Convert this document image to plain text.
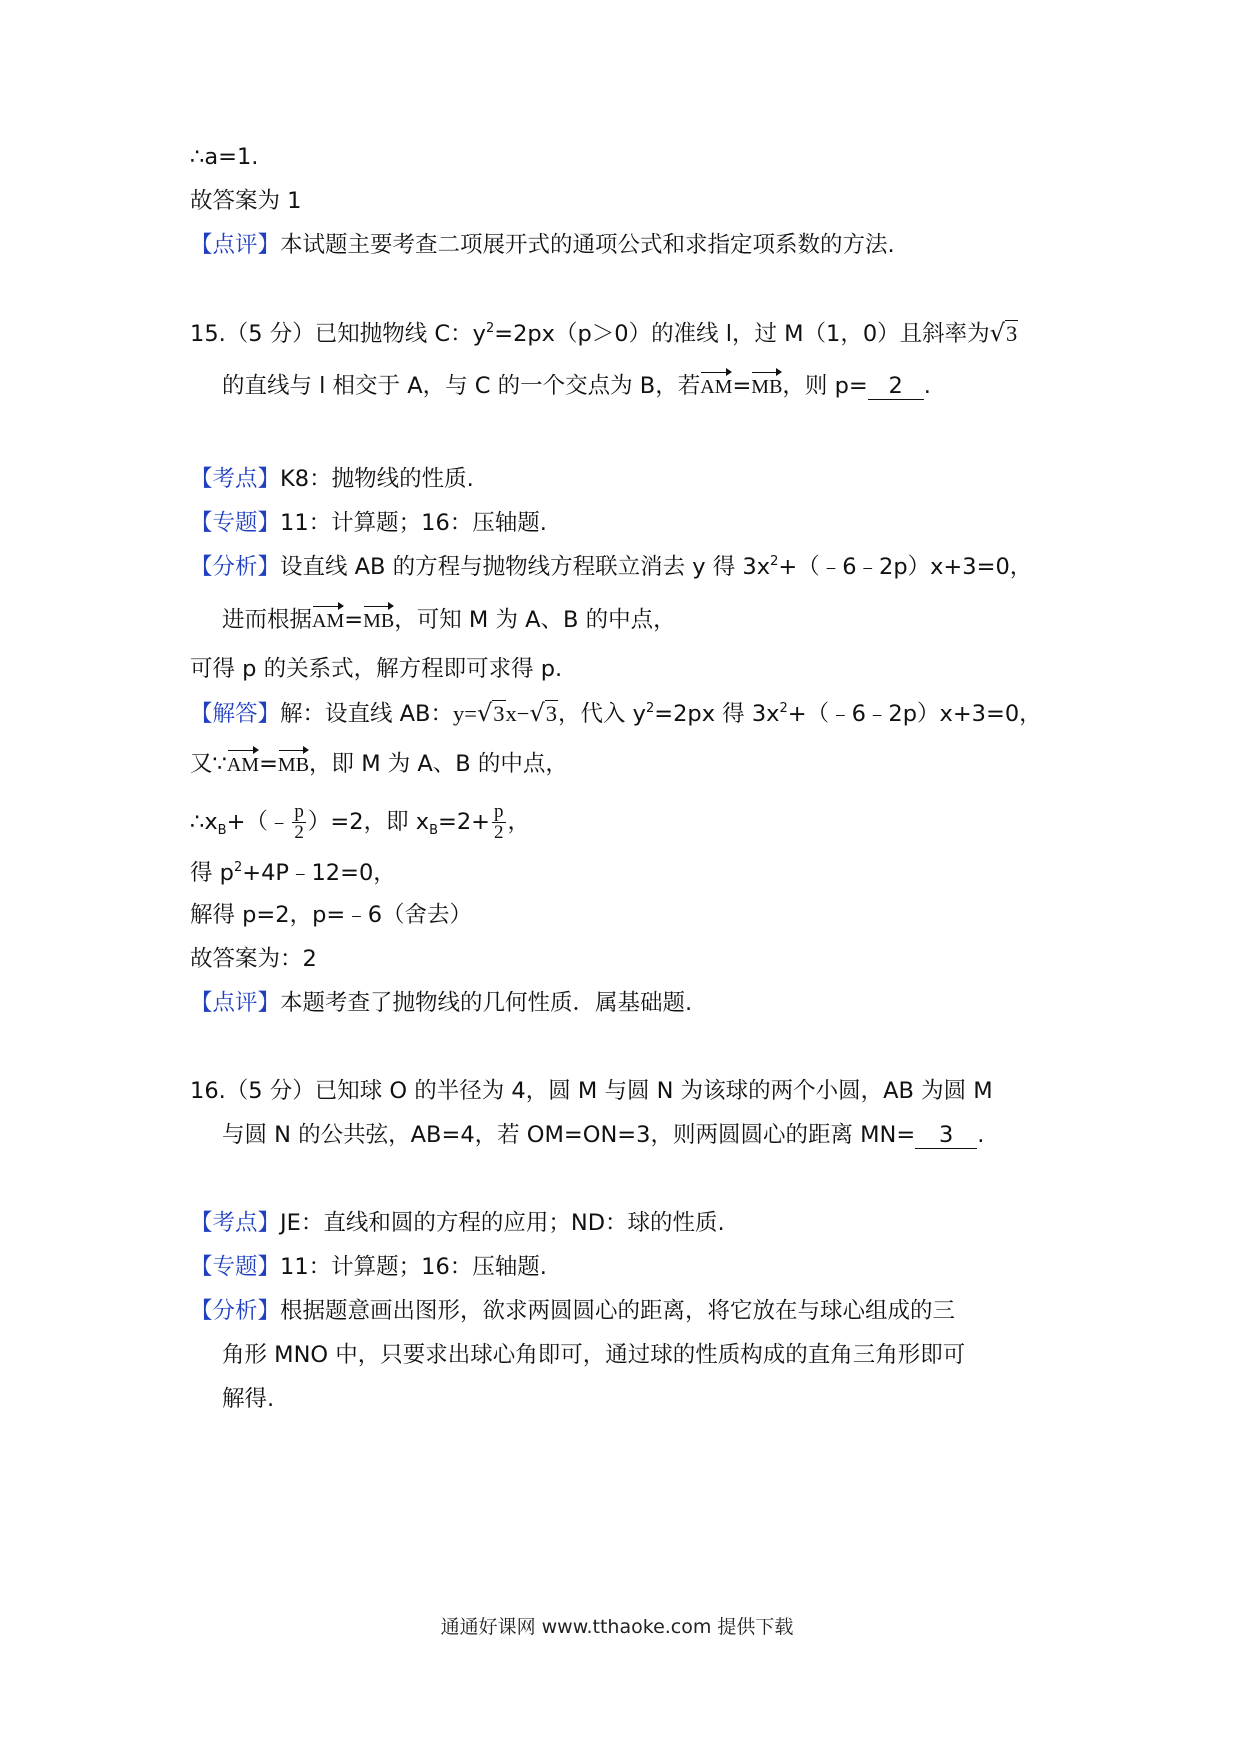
∴a=1.
故答案为 1
【点评】本试题主要考查二项展开式的通项公式和求指定项系数的方法.
15.（5 分）已知抛物线 C：$y^2=2px(p>0)$的准线 l，过 M（1，0）且斜率为√3
的直线与 l 相交于 A，与 C 的一个交点为 B，若AM=MB，则 p= 2 .
【考点】K8：抛物线的性质.
【专题】11：计算题；16：压轴题.
【分析】设直线 AB 的方程与抛物线方程联立消去 y 得 $3x^2+(﹣6﹣2p)x+3=0$，
进而根据AM=MB，可知 M 为 A、B 的中点，
可得 p 的关系式，解方程即可求得 p.
【解答】解：设直线 AB：y=√3x−√3，代入 $y^2=2px$ 得 $3x^2+(﹣6﹣2p)x+3=0$，
又∵AM=MB，即 M 为 A、B 的中点，
$\therefore x_B+(﹣ \frac{p}{2} )=2$，即 $x_B=2+ \frac{p}{2}$ ，
得 $p^2+4P﹣12=0$，
解得 p=2，p=﹣6（舍去）
故答案为：2
【点评】本题考查了抛物线的几何性质．属基础题.
16.（5 分）已知球 O 的半径为 4，圆 M 与圆 N 为该球的两个小圆，AB 为圆 M
与圆 N 的公共弦，AB=4，若 OM=ON=3，则两圆圆心的距离 MN= 3 .
【考点】JE：直线和圆的方程的应用；ND：球的性质.
【专题】11：计算题；16：压轴题.
【分析】根据题意画出图形，欲求两圆圆心的距离，将它放在与球心组成的三
角形 MNO 中，只要求出球心角即可，通过球的性质构成的直角三角形即可
解得.
通通好课网 www.tthaoke.com 提供下载
